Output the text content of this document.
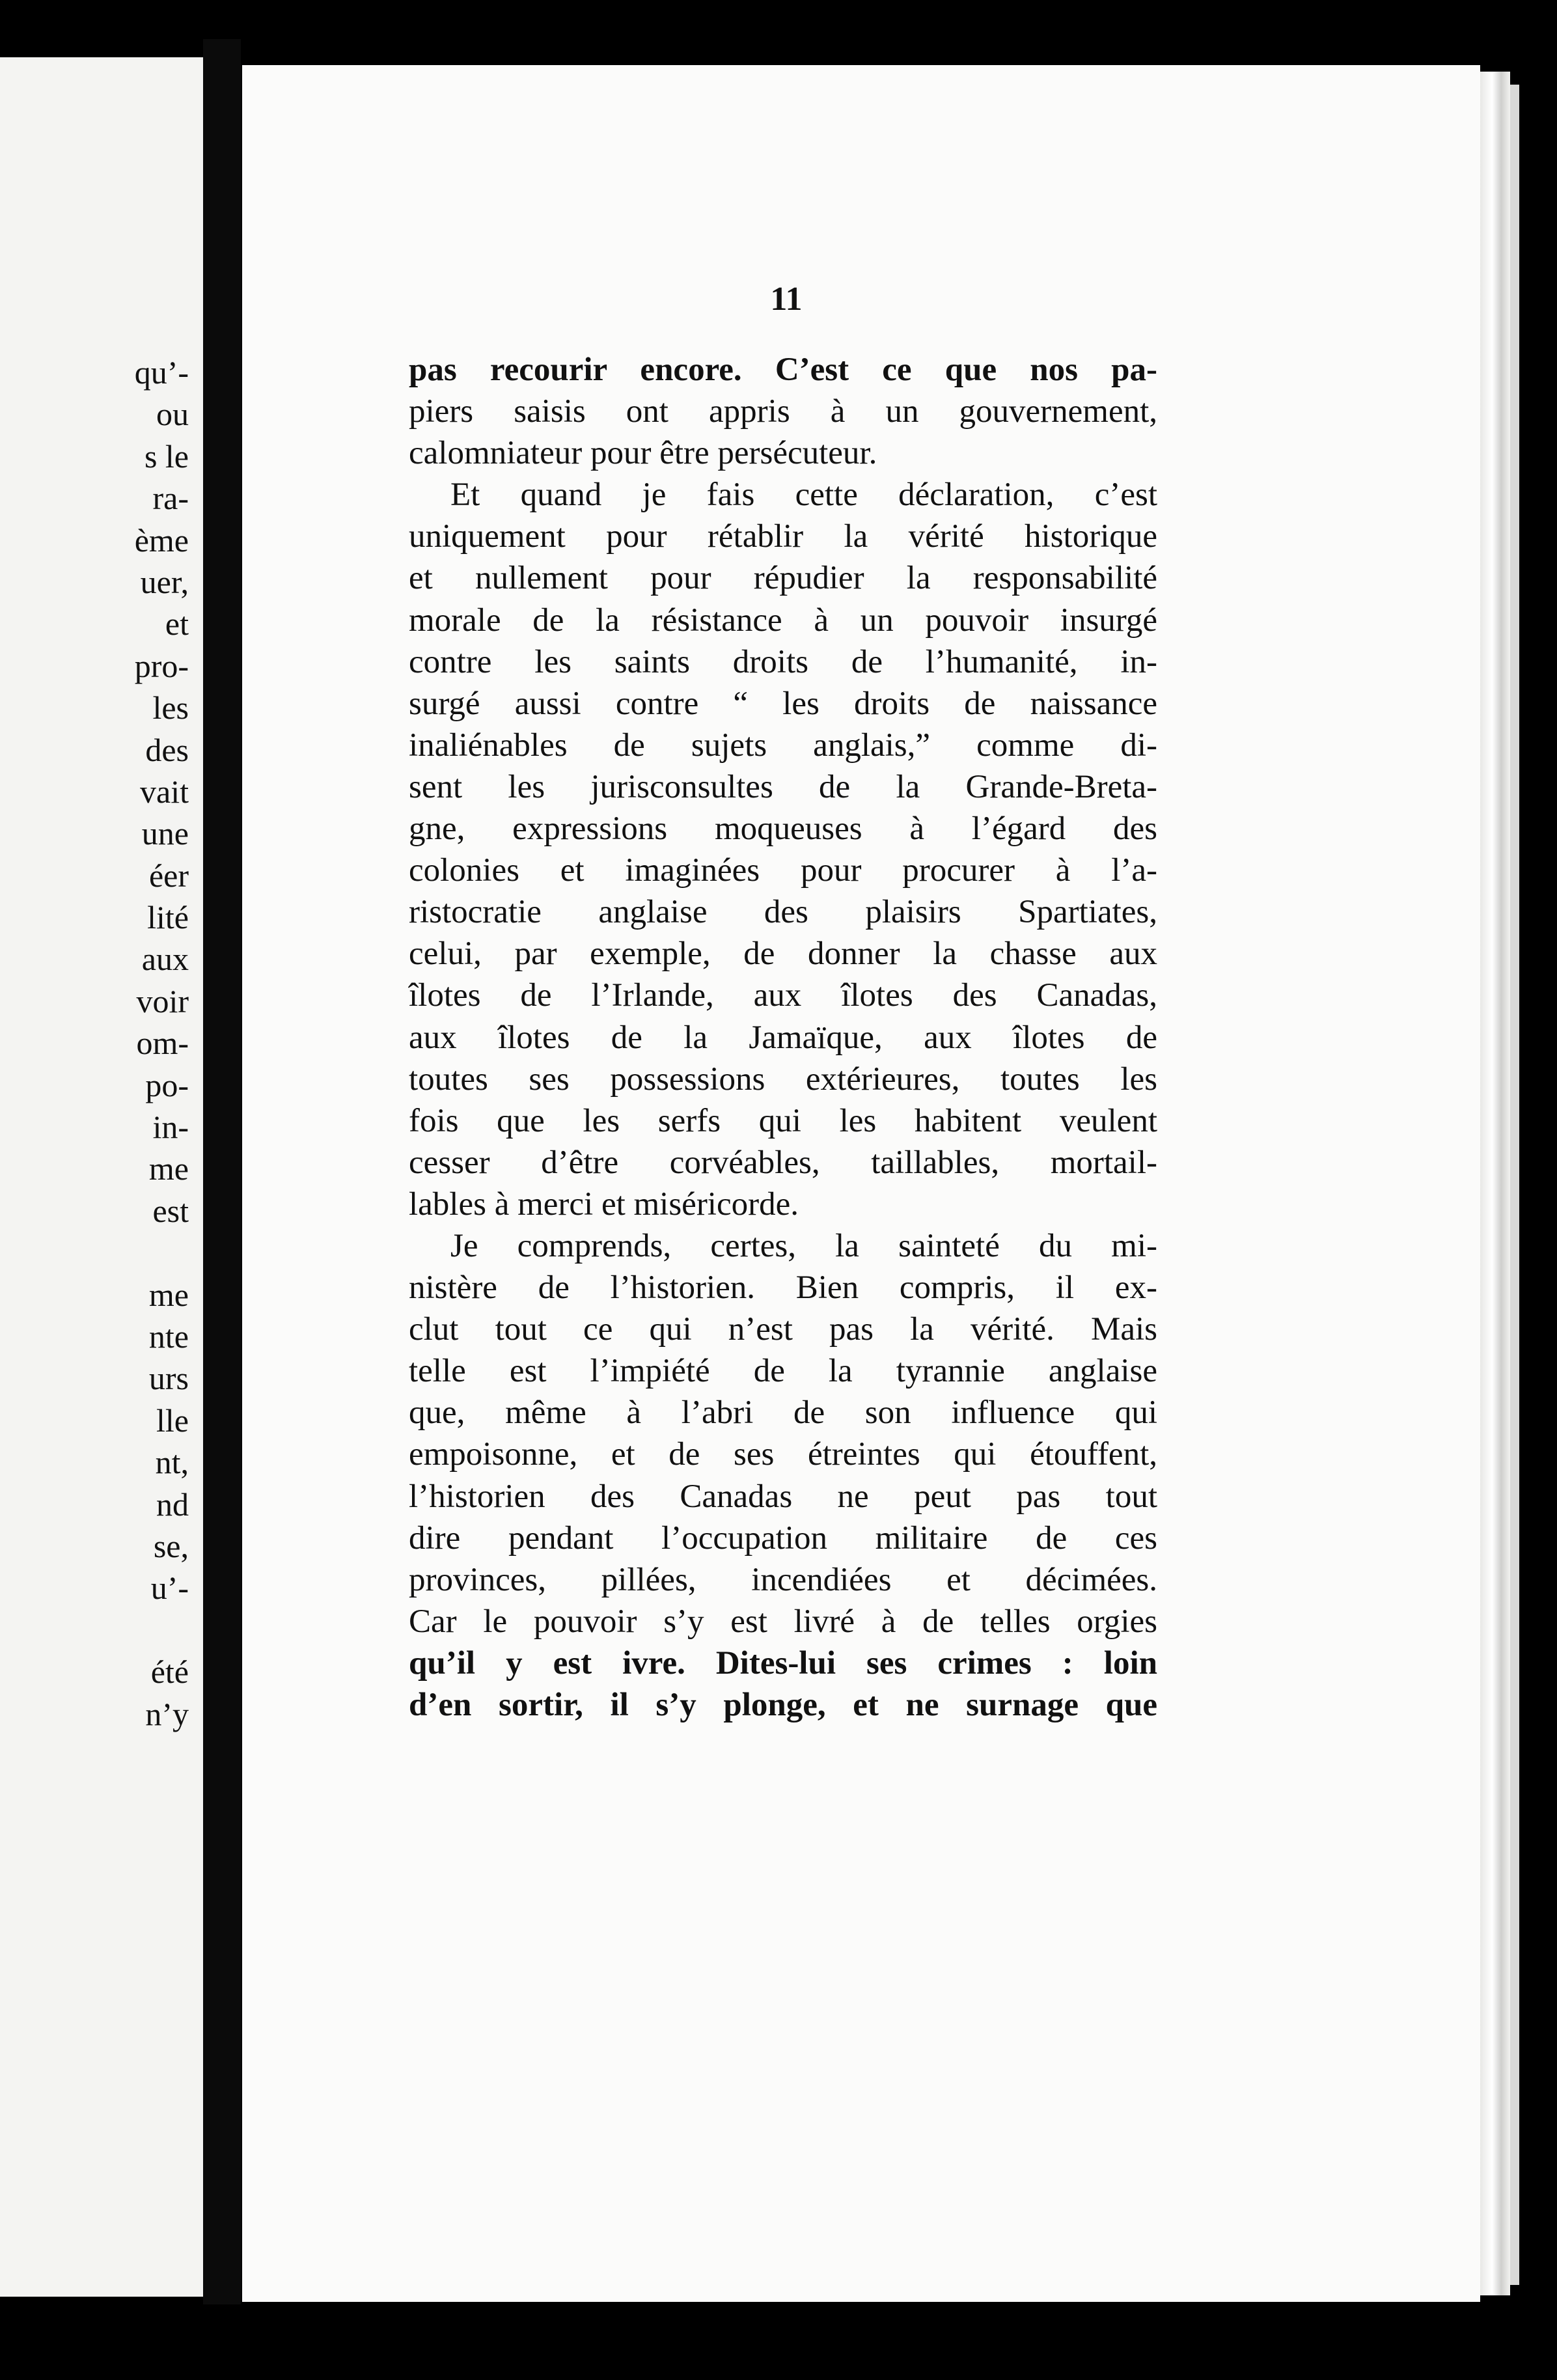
qu’-
ou
s le
ra-
ème
uer,
et
pro-
les
des
vait
une
éer
lité
aux
voir
om-
po-
in-
me
est
me
nte
urs
lle
nt,
nd
se,
u’-
été
n’y
11
pas recourir encore. C’est ce que nos pa-
piers saisis ont appris à un gouvernement,
calomniateur pour être persécuteur.
Et quand je fais cette déclaration, c’est
uniquement pour rétablir la vérité historique
et nullement pour répudier la responsabilité
morale de la résistance à un pouvoir insurgé
contre les saints droits de l’humanité, in-
surgé aussi contre “ les droits de naissance
inaliénables de sujets anglais,” comme di-
sent les jurisconsultes de la Grande-Breta-
gne, expressions moqueuses à l’égard des
colonies et imaginées pour procurer à l’a-
ristocratie anglaise des plaisirs Spartiates,
celui, par exemple, de donner la chasse aux
îlotes de l’Irlande, aux îlotes des Canadas,
aux îlotes de la Jamaïque, aux îlotes de
toutes ses possessions extérieures, toutes les
fois que les serfs qui les habitent veulent
cesser d’être corvéables, taillables, mortail-
lables à merci et miséricorde.
Je comprends, certes, la sainteté du mi-
nistère de l’historien. Bien compris, il ex-
clut tout ce qui n’est pas la vérité. Mais
telle est l’impiété de la tyrannie anglaise
que, même à l’abri de son influence qui
empoisonne, et de ses étreintes qui étouffent,
l’historien des Canadas ne peut pas tout
dire pendant l’occupation militaire de ces
provinces, pillées, incendiées et décimées.
Car le pouvoir s’y est livré à de telles orgies
qu’il y est ivre. Dites-lui ses crimes : loin
d’en sortir, il s’y plonge, et ne surnage que
